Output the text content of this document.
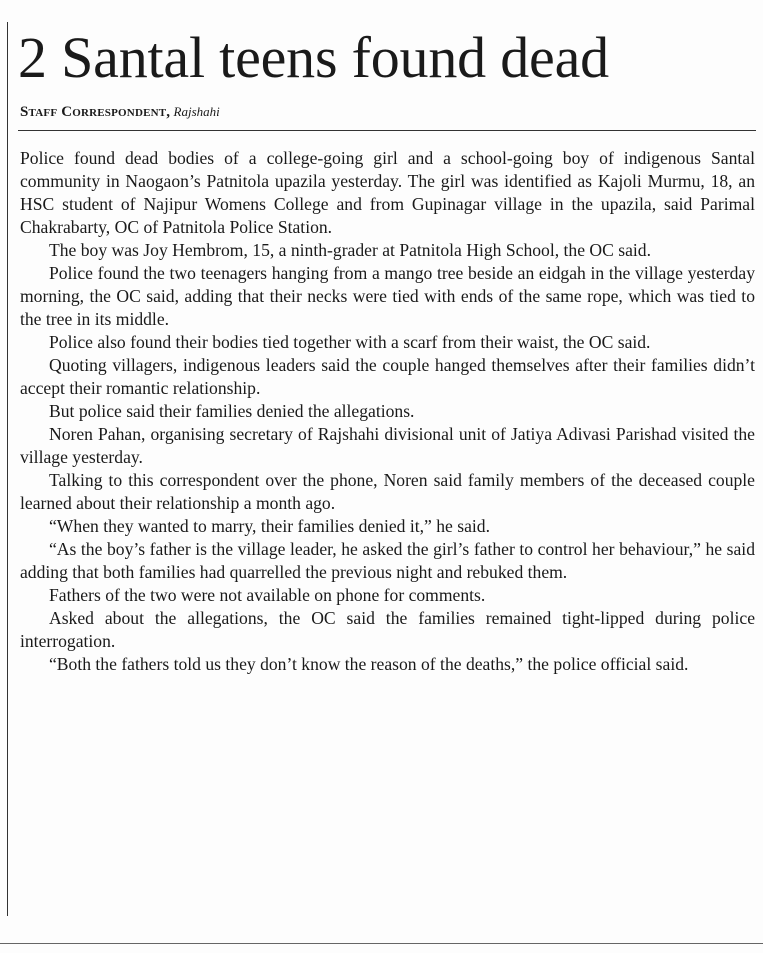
2 Santal teens found dead
Staff Correspondent, Rajshahi

Police found dead bodies of a college-going girl and a school-going boy of indigenous Santal community in Naogaon’s Patnitola upazila yesterday. The girl was identified as Kajoli Murmu, 18, an HSC student of Najipur Womens College and from Gupinagar village in the upazila, said Parimal Chakrabarty, OC of Patnitola Police Station.

The boy was Joy Hembrom, 15, a ninth-grader at Patnitola High School, the OC said.

Police found the two teenagers hanging from a mango tree beside an eidgah in the village yesterday morning, the OC said, adding that their necks were tied with ends of the same rope, which was tied to the tree in its middle.

Police also found their bodies tied together with a scarf from their waist, the OC said.

Quoting villagers, indigenous leaders said the couple hanged themselves after their families didn’t accept their romantic relationship.

But police said their families denied the allegations.

Noren Pahan, organising secretary of Rajshahi divisional unit of Jatiya Adivasi Parishad visited the village yesterday.

Talking to this correspondent over the phone, Noren said family members of the deceased couple learned about their relationship a month ago.

“When they wanted to marry, their families denied it,” he said.

“As the boy’s father is the village leader, he asked the girl’s father to control her behaviour,” he said adding that both families had quarrelled the previous night and rebuked them.

Fathers of the two were not available on phone for comments.

Asked about the allegations, the OC said the families remained tight-lipped during police interrogation.

“Both the fathers told us they don’t know the reason of the deaths,” the police official said.
